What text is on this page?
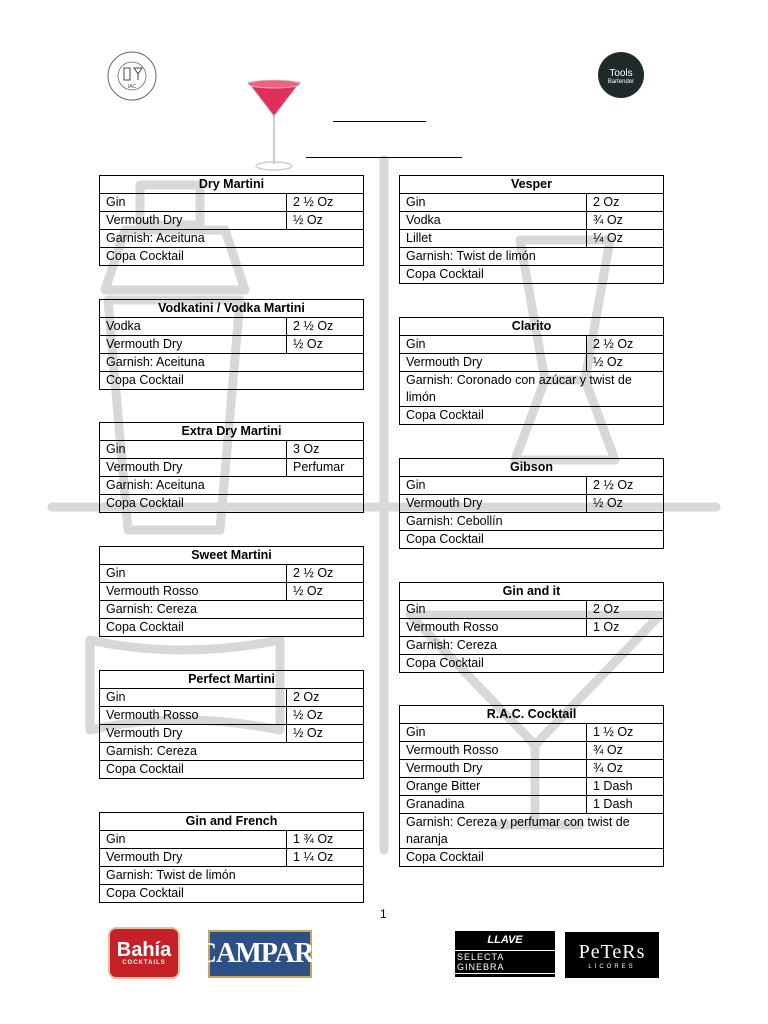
IAC
Tools
Bartender
Dry Martini	
Gin	2 ½ Oz
Vermouth Dry	½ Oz
Garnish: Aceituna	
Copa Cocktail	
Vodkatini / Vodka Martini	
Vodka	2 ½ Oz
Vermouth Dry	½ Oz
Garnish: Aceituna	
Copa Cocktail	
Extra Dry Martini	
Gin	3 Oz
Vermouth Dry	Perfumar
Garnish: Aceituna	
Copa Cocktail	
Sweet Martini	
Gin	2 ½ Oz
Vermouth Rosso	½ Oz
Garnish: Cereza	
Copa Cocktail	
Perfect Martini	
Gin	2 Oz
Vermouth Rosso	½ Oz
Vermouth Dry	½ Oz
Garnish: Cereza	
Copa Cocktail	
Gin and French	
Gin	1 ¾ Oz
Vermouth Dry	1 ¼ Oz
Garnish: Twist de limón	
Copa Cocktail	
Vesper	
Gin	2 Oz
Vodka	¾ Oz
Lillet	¼ Oz
Garnish: Twist de limón	
Copa Cocktail	
Clarito	
Gin	2 ½ Oz
Vermouth Dry	½ Oz
Garnish: Coronado con azúcar y twist de limón	
Copa Cocktail	
Gibson	
Gin	2 ½ Oz
Vermouth Dry	½ Oz
Garnish: Cebollín	
Copa Cocktail	
Gin and it	
Gin	2 Oz
Vermouth Rosso	1 Oz
Garnish: Cereza	
Copa Cocktail	
R.A.C. Cocktail	
Gin	1 ½ Oz
Vermouth Rosso	¾ Oz
Vermouth Dry	¾ Oz
Orange Bitter	1 Dash
Granadina	1 Dash
Garnish: Cereza y perfumar con twist de naranja	
Copa Cocktail	
1
Bahía
COCKTAILS CAMPARI	LLAVE
SELECTA GINEBRA
PeTeRs
LICORES
